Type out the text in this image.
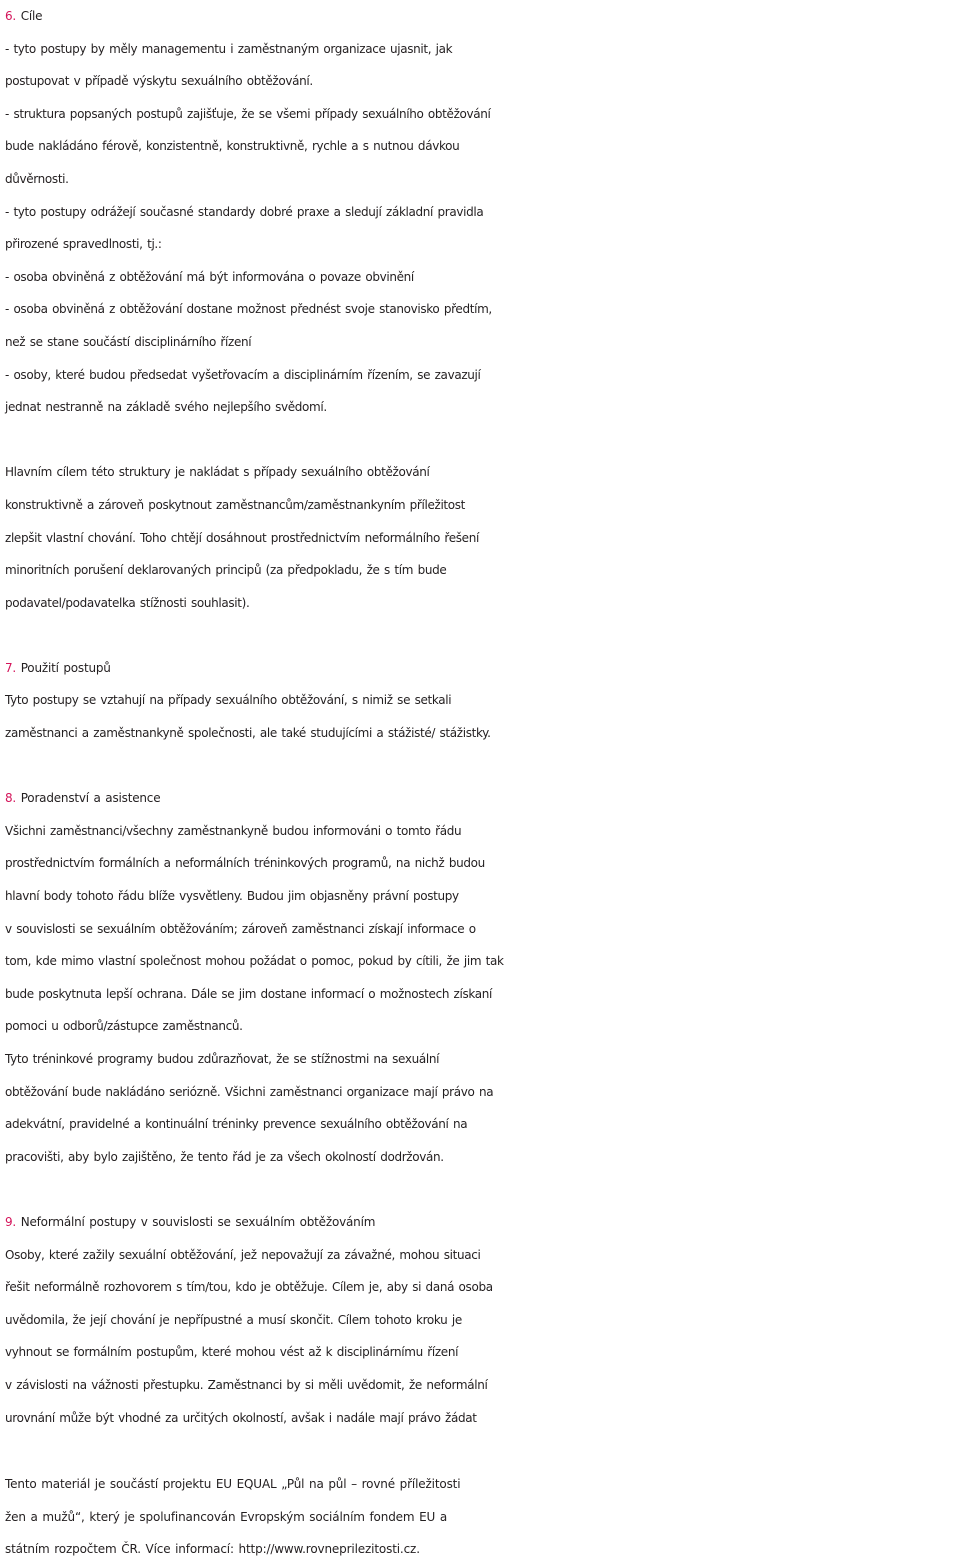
6. Cíle
- tyto postupy by měly managementu i zaměstnaným organizace ujasnit, jak
postupovat v případě výskytu sexuálního obtěžování.
- struktura popsaných postupů zajišťuje, že se všemi případy sexuálního obtěžování
bude nakládáno férově, konzistentně, konstruktivně, rychle a s nutnou dávkou
důvěrnosti.
- tyto postupy odrážejí současné standardy dobré praxe a sledují základní pravidla
přirozené spravedlnosti, tj.:
- osoba obviněná z obtěžování má být informována o povaze obvinění
- osoba obviněná z obtěžování dostane možnost přednést svoje stanovisko předtím,
než se stane součástí disciplinárního řízení
- osoby, které budou předsedat vyšetřovacím a disciplinárním řízením, se zavazují
jednat nestranně na základě svého nejlepšího svědomí.
Hlavním cílem této struktury je nakládat s případy sexuálního obtěžování
konstruktivně a zároveň poskytnout zaměstnancům/zaměstnankyním příležitost
zlepšit vlastní chování. Toho chtějí dosáhnout prostřednictvím neformálního řešení
minoritních porušení deklarovaných principů (za předpokladu, že s tím bude
podavatel/podavatelka stížnosti souhlasit).
7. Použití postupů
Tyto postupy se vztahují na případy sexuálního obtěžování, s nimiž se setkali
zaměstnanci a zaměstnankyně společnosti, ale také studujícími a stážisté/ stážistky.
8. Poradenství a asistence
Všichni zaměstnanci/všechny zaměstnankyně budou informováni o tomto řádu
prostřednictvím formálních a neformálních tréninkových programů, na nichž budou
hlavní body tohoto řádu blíže vysvětleny. Budou jim objasněny právní postupy
v souvislosti se sexuálním obtěžováním; zároveň zaměstnanci získají informace o
tom, kde mimo vlastní společnost mohou požádat o pomoc, pokud by cítili, že jim tak
bude poskytnuta lepší ochrana. Dále se jim dostane informací o možnostech získaní
pomoci u odborů/zástupce zaměstnanců.
Tyto tréninkové programy budou zdůrazňovat, že se stížnostmi na sexuální
obtěžování bude nakládáno seriózně. Všichni zaměstnanci organizace mají právo na
adekvátní, pravidelné a kontinuální tréninky prevence sexuálního obtěžování na
pracovišti, aby bylo zajištěno, že tento řád je za všech okolností dodržován.
9. Neformální postupy v souvislosti se sexuálním obtěžováním
Osoby, které zažily sexuální obtěžování, jež nepovažují za závažné, mohou situaci
řešit neformálně rozhovorem s tím/tou, kdo je obtěžuje. Cílem je, aby si daná osoba
uvědomila, že její chování je nepřípustné a musí skončit. Cílem tohoto kroku je
vyhnout se formálním postupům, které mohou vést až k disciplinárnímu řízení
v závislosti na vážnosti přestupku. Zaměstnanci by si měli uvědomit, že neformální
urovnání může být vhodné za určitých okolností, avšak i nadále mají právo žádat
Tento materiál je součástí projektu EU EQUAL „Půl na půl – rovné příležitosti
žen a mužů“, který je spolufinancován Evropským sociálním fondem EU a
státním rozpočtem ČR. Více informací: http://www.rovneprilezitosti.cz.
